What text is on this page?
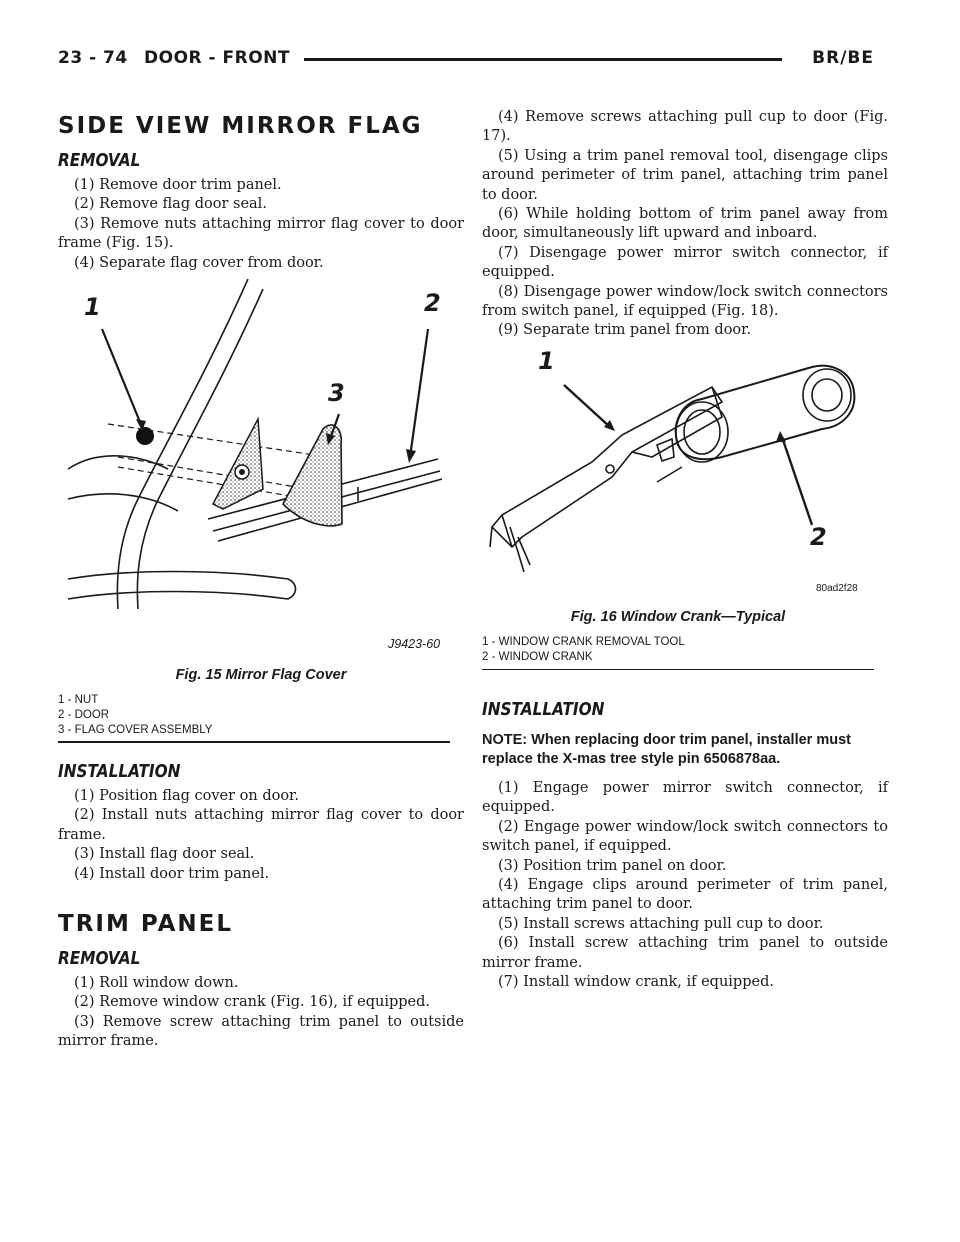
23 - 74 DOOR - FRONT	BR/BE
SIDE VIEW MIRROR FLAG
REMOVAL

(1) Remove door trim panel.

(2) Remove flag door seal.

(3) Remove nuts attaching mirror flag cover to door frame (Fig. 15).

(4) Separate flag cover from door.

1	2
3
J9423-60
Fig. 15 Mirror Flag Cover
1 - NUT
2 - DOOR
3 - FLAG COVER ASSEMBLY
INSTALLATION

(1) Position flag cover on door.

(2) Install nuts attaching mirror flag cover to door frame.

(3) Install flag door seal.

(4) Install door trim panel.

TRIM PANEL
REMOVAL

(1) Roll window down.

(2) Remove window crank (Fig. 16), if equipped.

(3) Remove screw attaching trim panel to outside mirror frame.

(4) Remove screws attaching pull cup to door (Fig. 17).

(5) Using a trim panel removal tool, disengage clips around perimeter of trim panel, attaching trim panel to door.

(6) While holding bottom of trim panel away from door, simultaneously lift upward and inboard.

(7) Disengage power mirror switch connector, if equipped.

(8) Disengage power window/lock switch connectors from switch panel, if equipped (Fig. 18).

(9) Separate trim panel from door.

1
2
80ad2f28
Fig. 16 Window Crank—Typical
1 - WINDOW CRANK REMOVAL TOOL
2 - WINDOW CRANK
INSTALLATION
NOTE: When replacing door trim panel, installer must replace the X-mas tree style pin 6506878aa.

(1) Engage power mirror switch connector, if equipped.

(2) Engage power window/lock switch connectors to switch panel, if equipped.

(3) Position trim panel on door.

(4) Engage clips around perimeter of trim panel, attaching trim panel to door.

(5) Install screws attaching pull cup to door.

(6) Install screw attaching trim panel to outside mirror frame.

(7) Install window crank, if equipped.
